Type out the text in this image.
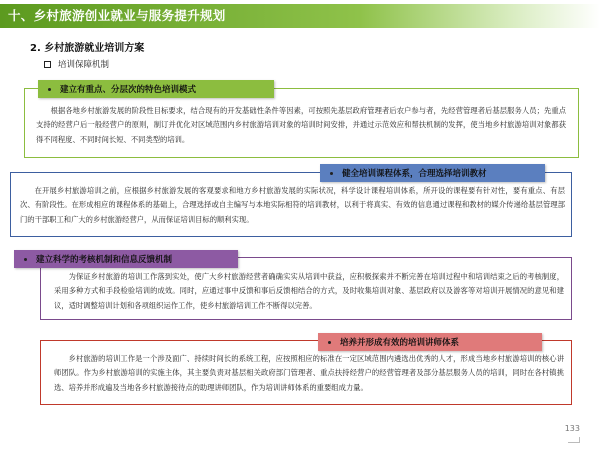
十、乡村旅游创业就业与服务提升规划
2. 乡村旅游就业培训方案
培训保障机制
建立有重点、分层次的特色培训模式

根据各地乡村旅游发展的阶段性目标要求，结合现有的开发基础性条件等因素，可按照先基层政府管理者后农户参与者，先经营管理者后基层服务人员；先重点支持的经营户后一般经营户的原则，制订并优化对区域范围内乡村旅游培训对象的培训时间安排，并通过示范效应和帮扶机制的发挥，使当地乡村旅游培训对象都获得不同程度、不同时间长短、不同类型的培训。

健全培训课程体系，合理选择培训教材

在开展乡村旅游培训之前，应根据乡村旅游发展的客观要求和地方乡村旅游发展的实际状况，科学设计课程培训体系，所开设的课程要有针对性，要有重点、有层次、有阶段性。在形成相应的课程体系的基础上，合理选择或自主编写与本地实际相符的培训教材，以利于将真实、有效的信息通过课程和教材的媒介传递给基层管理部门的干部职工和广大的乡村旅游经营户，从而保证培训目标的顺利实现。

建立科学的考核机制和信息反馈机制

为保证乡村旅游的培训工作落到实处，使广大乡村旅游经营者确确实实从培训中获益，应积极探索并不断完善在培训过程中和培训结束之后的考核制度，采用多种方式和手段检验培训的成效。同时，应通过事中反馈和事后反馈相结合的方式，及时收集培训对象、基层政府以及游客等对培训开展情况的意见和建议，适时调整培训计划和各项组织运作工作，使乡村旅游培训工作不断得以完善。

培养并形成有效的培训讲师体系

乡村旅游的培训工作是一个涉及面广、持续时间长的系统工程，应按照相应的标准在一定区域范围内遴选出优秀的人才，形成当地乡村旅游培训的核心讲师团队。作为乡村旅游培训的实施主体，其主要负责对基层相关政府部门管理者、重点扶持经营户的经营管理者及部分基层服务人员的培训，同时在各村镇挑选、培养并形成遍及当地各乡村旅游接待点的助理讲师团队，作为培训讲师体系的重要组成力量。

133
